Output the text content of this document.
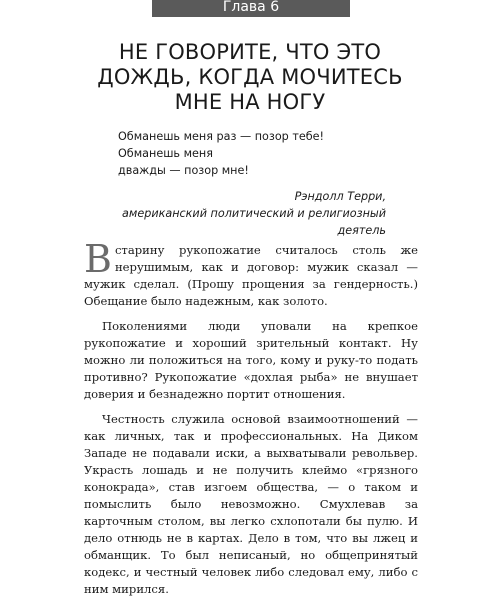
Глава 6
НЕ ГОВОРИТЕ, ЧТО ЭТО
ДОЖДЬ, КОГДА МОЧИТЕСЬ
МНЕ НА НОГУ

Обманешь меня раз — позор тебе! Обманешь меня
дважды — позор мне!

Рэндолл Терри,
американский политический и религиозный деятель

Встарину рукопожатие считалось столь же нерушимым, как и договор: мужик сказал — мужик сделал. (Прошу прощения за гендерность.) Обещание было надежным, как золото.

Поколениями люди уповали на крепкое рукопожатие и хороший зрительный контакт. Ну можно ли положиться на того, кому и руку-то подать противно? Рукопожатие «дохлая рыба» не внушает доверия и безнадежно портит отношения.

Честность служила основой взаимоотношений — как личных, так и профессиональных. На Диком Западе не подавали иски, а выхватывали револьвер. Украсть лошадь и не получить клеймо «грязного конокрада», став изгоем общества, — о таком и помыслить было невозможно. Смухлевав за карточным столом, вы легко схлопотали бы пулю. И дело отнюдь не в картах. Дело в том, что вы лжец и обманщик. То был неписаный, но общепринятый кодекс, и честный человек либо следовал ему, либо с ним мирился.
